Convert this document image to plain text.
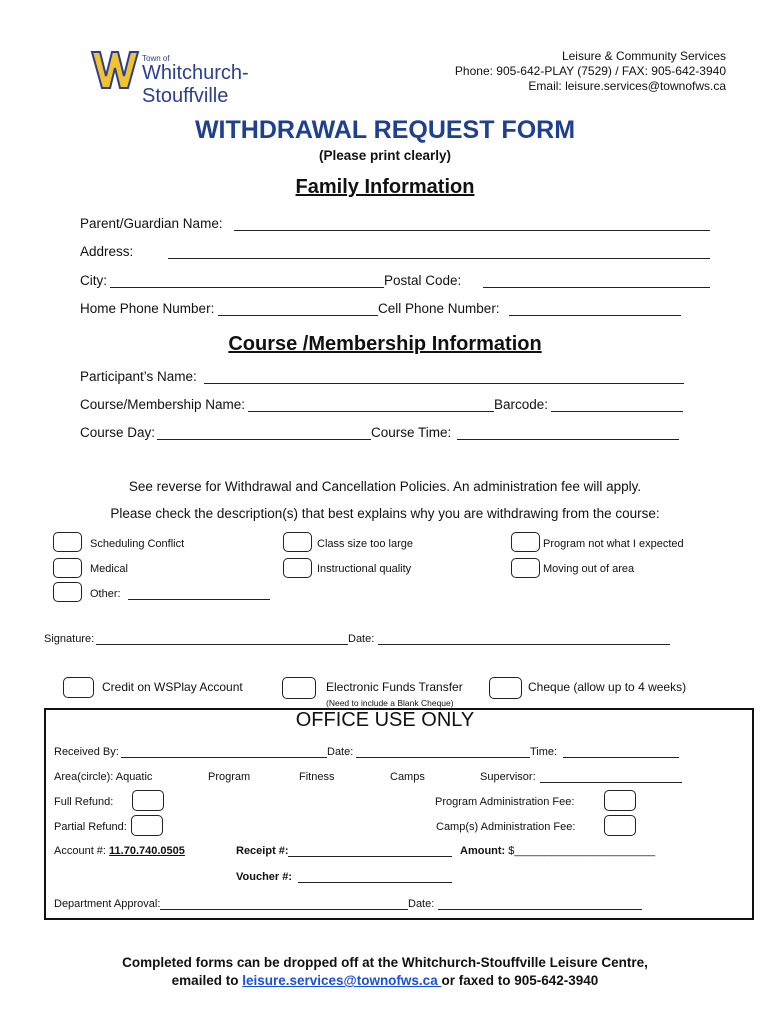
Town of
Whitchurch-Stouffville
Leisure & Community Services
Phone: 905-642-PLAY (7529) / FAX: 905-642-3940
Email: leisure.services@townofws.ca
WITHDRAWAL REQUEST FORM
(Please print clearly)
Family Information
Parent/Guardian Name:
Address:
City:	Postal Code:
Home Phone Number:	Cell Phone Number:
Course /Membership Information
Participant’s Name:
Course/Membership Name:	Barcode:
Course Day:	Course Time:
See reverse for Withdrawal and Cancellation Policies. An administration fee will apply.
Please check the description(s) that best explains why you are withdrawing from the course:
Scheduling Conflict	Class size too large	Program not what I expected
Medical	Instructional quality	Moving out of area
Other:
Signature:	Date:
Credit on WSPlay Account	Electronic Funds Transfer
(Need to include a Blank Cheque)
Cheque (allow up to 4 weeks)
OFFICE USE ONLY
Received By:	Date:	Time:
Area(circle): Aquatic	Program	Fitness	Camps	Supervisor:
Full Refund:	Program Administration Fee:
Partial Refund:	Camp(s) Administration Fee:
Account #: 11.70.740.0505	Receipt #:	Amount: $_______________________
Voucher #:
Department Approval:	Date:
Completed forms can be dropped off at the Whitchurch-Stouffville Leisure Centre,
emailed to leisure.services@townofws.ca or faxed to 905-642-3940
